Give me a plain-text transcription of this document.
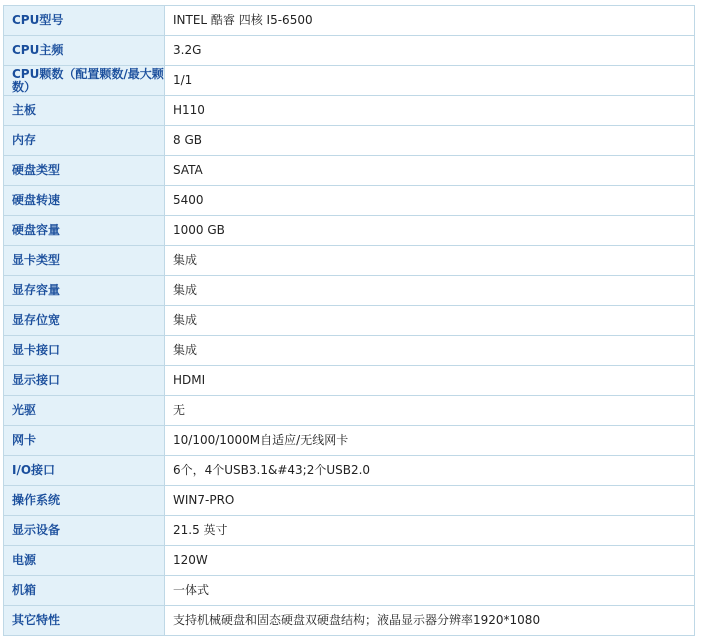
CPU型号	INTEL 酷睿 四核 I5-6500
CPU主频	3.2G
CPU颗数（配置颗数/最大颗数）	1/1
主板	H110
内存	8 GB
硬盘类型	SATA
硬盘转速	5400
硬盘容量	1000 GB
显卡类型	集成
显存容量	集成
显存位宽	集成
显卡接口	集成
显示接口	HDMI
光驱	无
网卡	10/100/1000M自适应/无线网卡
I/O接口	6个，4个USB3.1&#43;2个USB2.0
操作系统	WIN7-PRO
显示设备	21.5 英寸
电源	120W
机箱	一体式
其它特性	支持机械硬盘和固态硬盘双硬盘结构；液晶显示器分辨率1920*1080
